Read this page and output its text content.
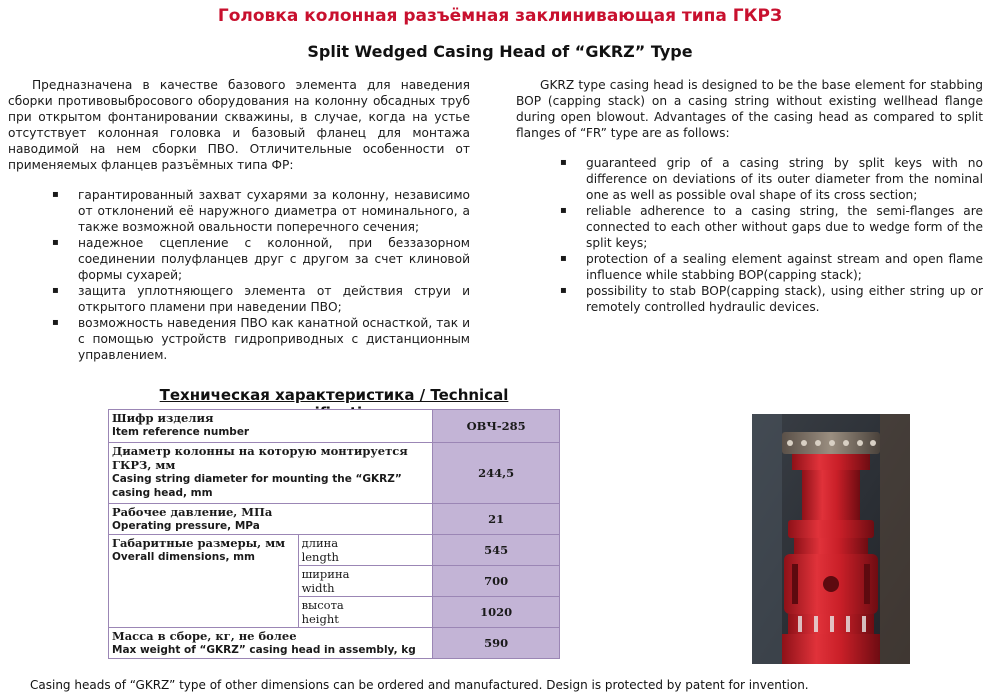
Головка колонная разъёмная заклинивающая типа ГКРЗ
Split Wedged Casing Head of “GKRZ” Type

Предназначена в качестве базового элемента для наведения сборки противовыбросового оборудования на колонну обсадных труб при открытом фонтанировании скважины, в случае, когда на устье отсутствует колонная головка и базовый фланец для монтажа наводимой на нем сборки ПВО. Отличительные особенности от применяемых фланцев разъёмных типа ФР:

▪ гарантированный захват сухарями за колонну, независимо от отклонений её наружного диаметра от номинального, а также возможной овальности поперечного сечения;
▪ надежное сцепление с колонной, при беззазорном соединении полуфланцев друг с другом за счет клиновой формы сухарей;
▪ защита уплотняющего элемента от действия струи и открытого пламени при наведении ПВО;
▪ возможность наведения ПВО как канатной оснасткой, так и с помощью устройств гидроприводных с дистанционным управлением.

GKRZ type casing head is designed to be the base element for stabbing BOP (capping stack) on a casing string without existing wellhead flange during open blowout. Advantages of the casing head as compared to split flanges of “FR” type are as follows:

▪ guaranteed grip of a casing string by split keys with no difference on deviations of its outer diameter from the nominal one as well as possible oval shape of its cross section;
▪ reliable adherence to a casing string, the semi-flanges are connected to each other without gaps due to wedge form of the split keys;
▪ protection of a sealing element against stream and open flame influence while stabbing BOP(capping stack);
▪ possibility to stab BOP(capping stack), using either string up or remotely controlled hydraulic devices.
Техническая характеристика / Technical
Шифр изделия
Item reference number		ОВЧ-285

Диаметр колонны на которую монтируется ГКРЗ, мм
Casing string diameter for mounting the “GKRZ” casing head, mm		244,5

Рабочее давление, МПа
Operating pressure, MPa		21

Габаритные размеры, мм
Overall dimensions, mm	длина
length	545

	ширина
width	700

	высота
height	1020

Масса в сборе, кг, не более
Max weight of “GKRZ” casing head in assembly, kg		590
Casing heads of “GKRZ” type of other dimensions can be ordered and manufactured. Design is protected by patent for invention.
